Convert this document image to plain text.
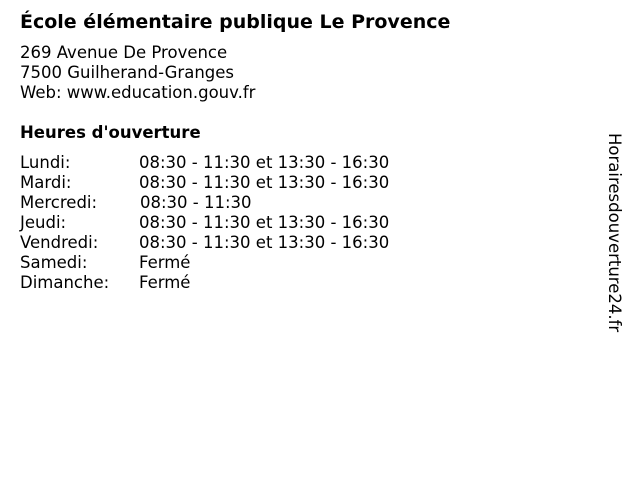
École élémentaire publique Le Provence
269 Avenue De Provence
7500 Guilherand-Granges
Web: www.education.gouv.fr
Heures d'ouverture
Lundi:	08:30 - 11:30 et 13:30 - 16:30
Mardi:	08:30 - 11:30 et 13:30 - 16:30
Mercredi:	08:30 - 11:30
Jeudi:	08:30 - 11:30 et 13:30 - 16:30
Vendredi: 08:30 - 11:30 et 13:30 - 16:30
Samedi:	Fermé
Dimanche: Fermé	Horairesdouverture24.fr
